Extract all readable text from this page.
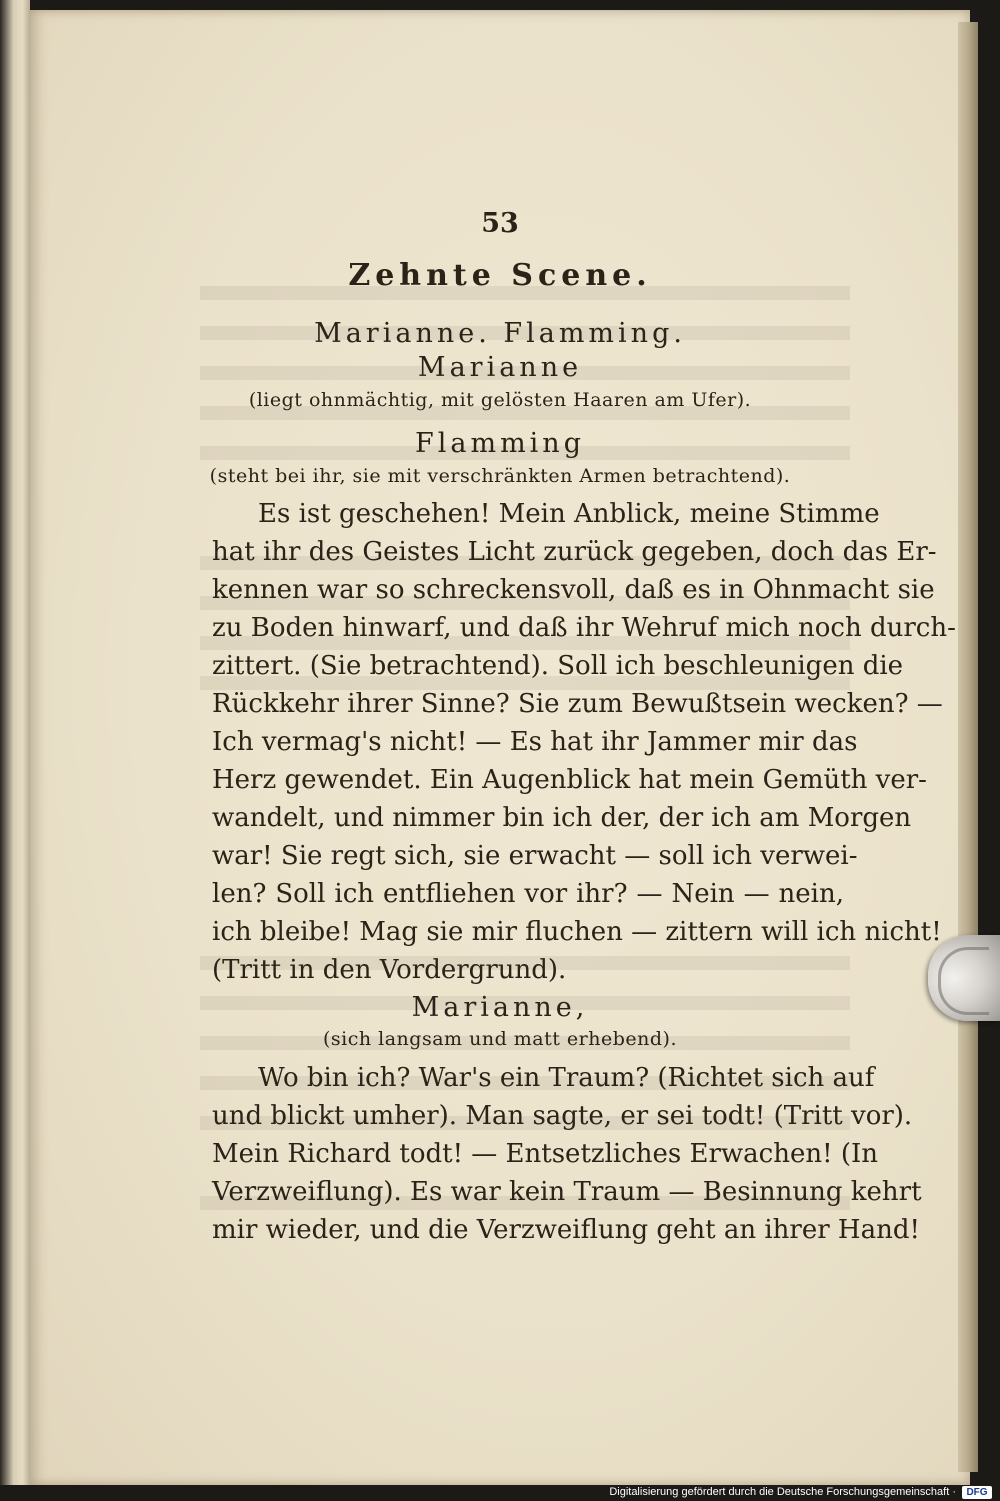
53
Zehnte Scene.
Marianne. Flamming.
Marianne
(liegt ohnmächtig, mit gelösten Haaren am Ufer).
Flamming
(steht bei ihr, sie mit verschränkten Armen betrachtend).
Es ist geschehen! Mein Anblick, meine Stimme
hat ihr des Geistes Licht zurück gegeben, doch das Er-
kennen war so schreckensvoll, daß es in Ohnmacht sie
zu Boden hinwarf, und daß ihr Wehruf mich noch durch-
zittert. (Sie betrachtend). Soll ich beschleunigen die
Rückkehr ihrer Sinne? Sie zum Bewußtsein wecken? —
Ich vermag's nicht! — Es hat ihr Jammer mir das
Herz gewendet. Ein Augenblick hat mein Gemüth ver-
wandelt, und nimmer bin ich der, der ich am Morgen
war! Sie regt sich, sie erwacht — soll ich verwei-
len? Soll ich entfliehen vor ihr? — Nein — nein,
ich bleibe! Mag sie mir fluchen — zittern will ich nicht!
(Tritt in den Vordergrund).
Marianne,
(sich langsam und matt erhebend).
Wo bin ich? War's ein Traum? (Richtet sich auf
und blickt umher). Man sagte, er sei todt! (Tritt vor).
Mein Richard todt! — Entsetzliches Erwachen! (In
Verzweiflung). Es war kein Traum — Besinnung kehrt
mir wieder, und die Verzweiflung geht an ihrer Hand!
Digitalisierung gefördert durch die Deutsche Forschungsgemeinschaft ·	DFG
